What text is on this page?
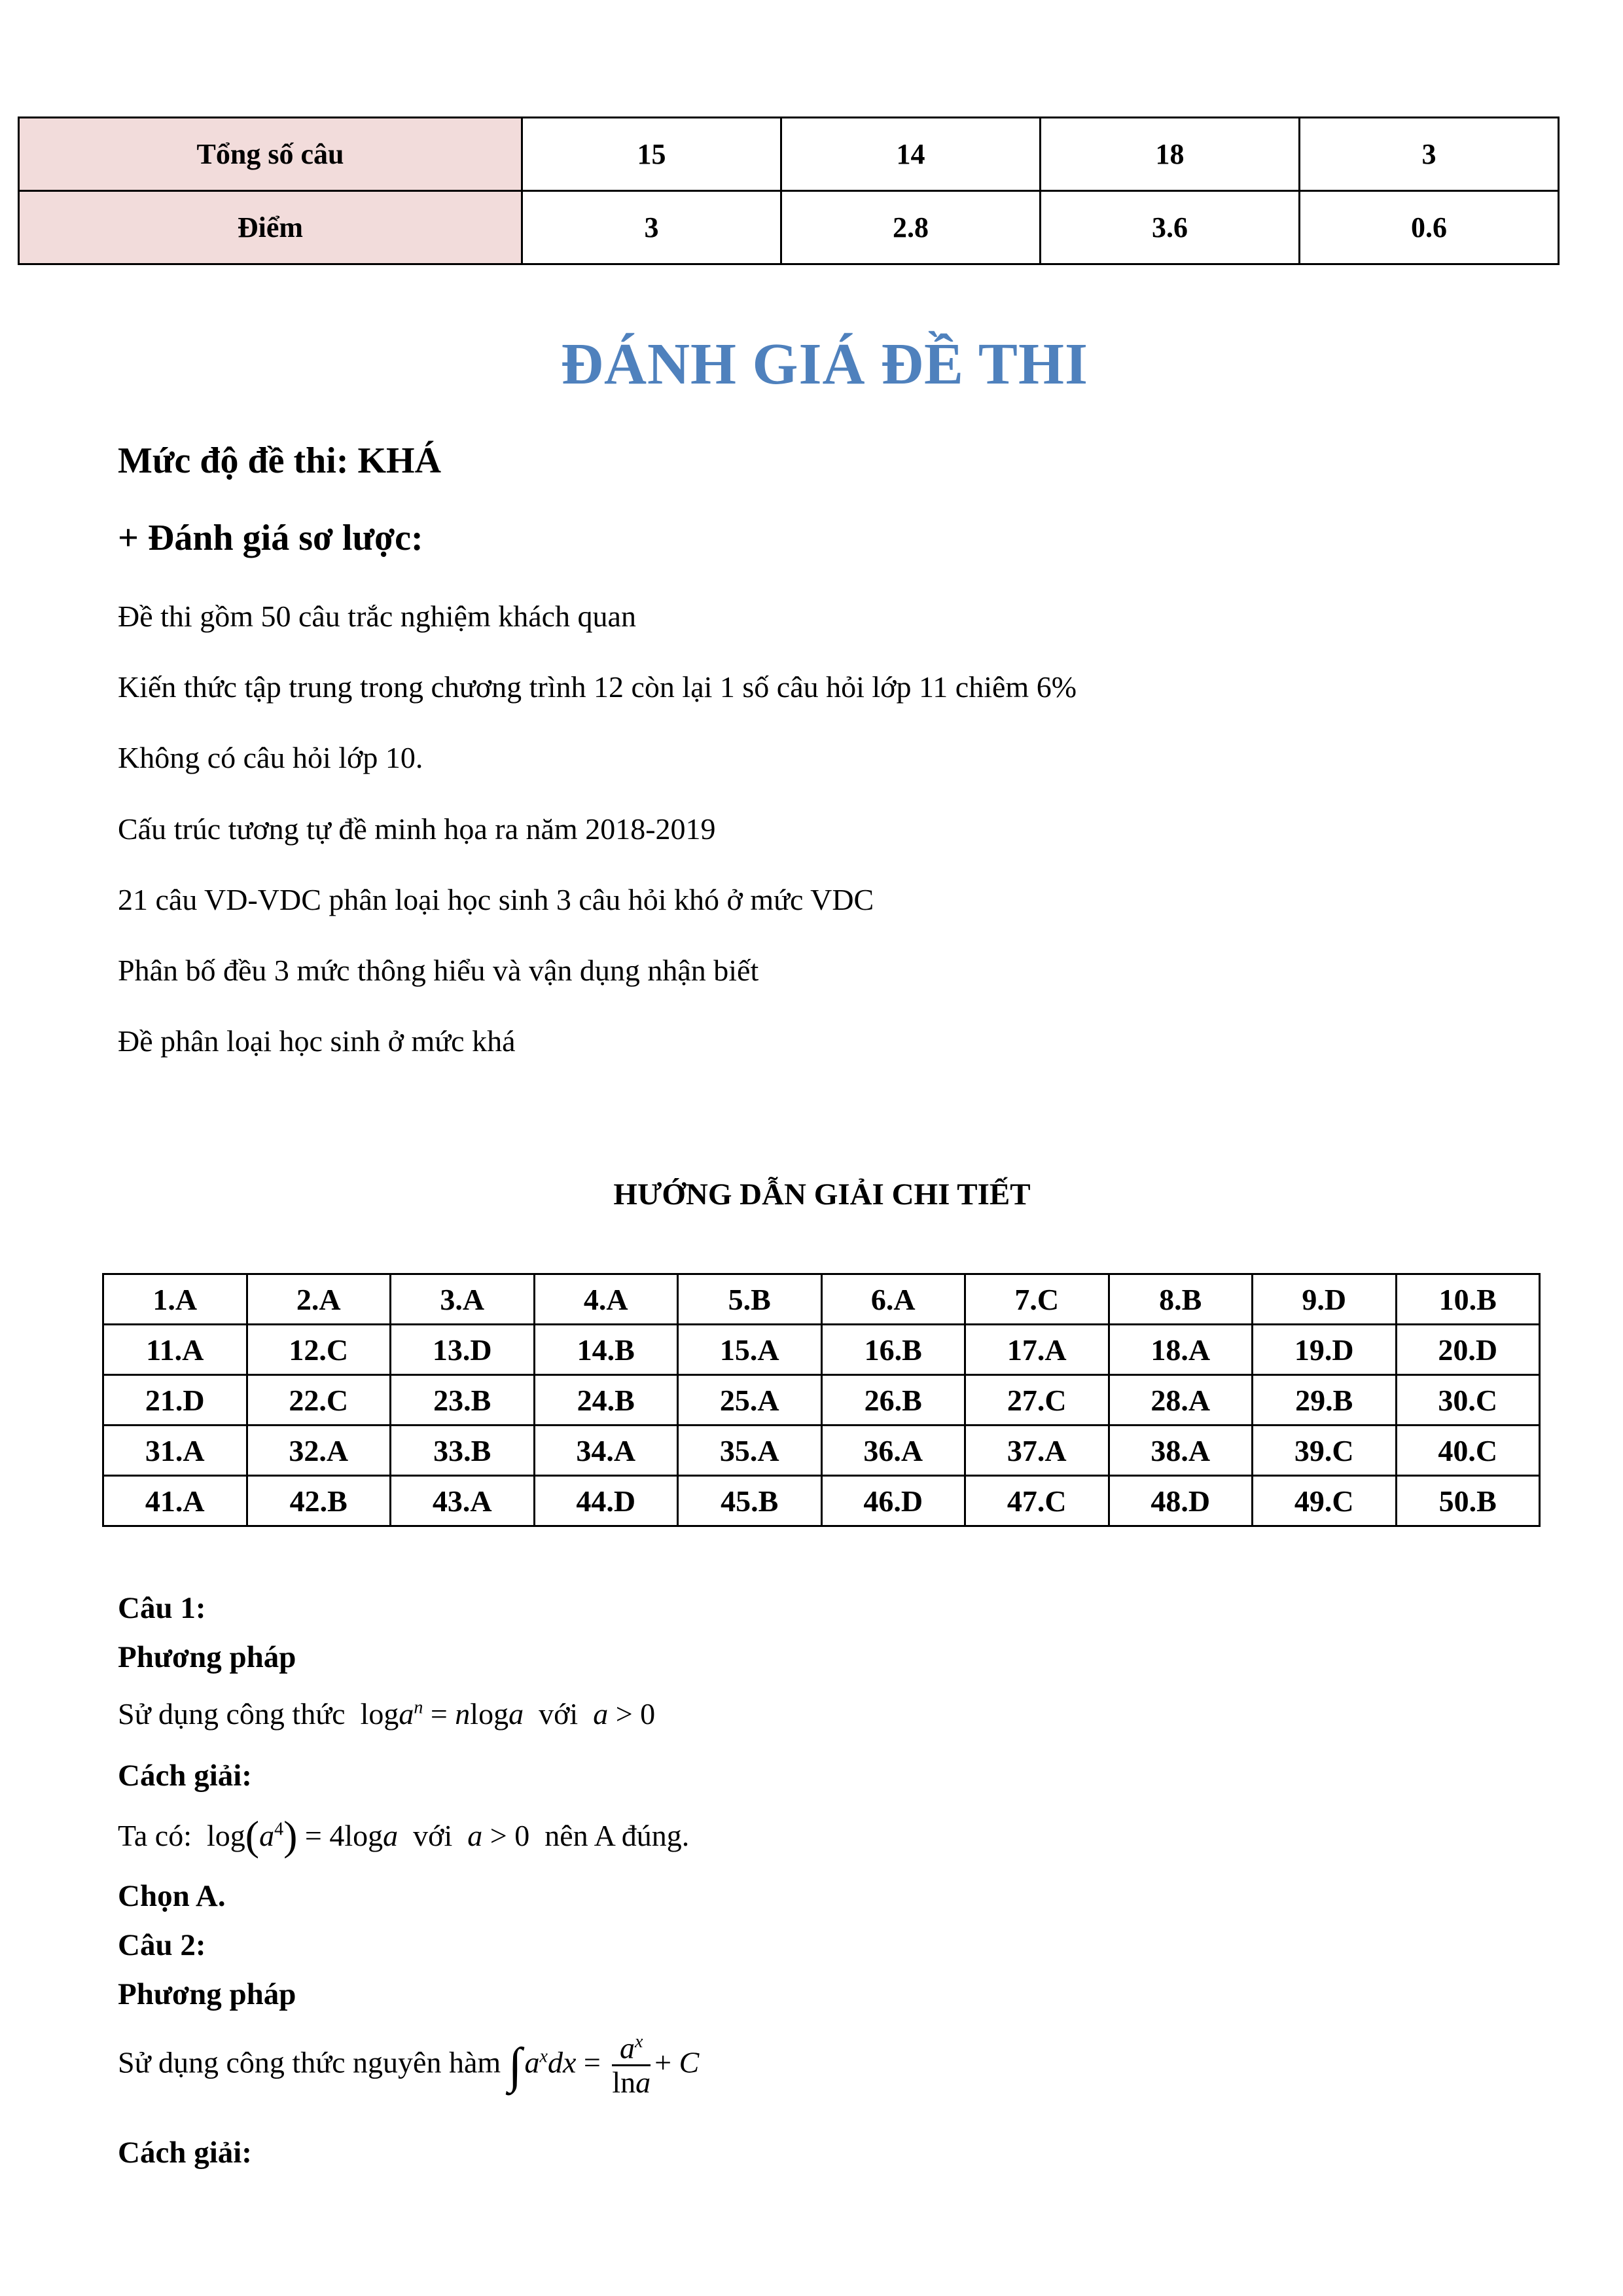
Tổng số câu	15	14	18	3
Điểm	3	2.8	3.6	0.6
ĐÁNH GIÁ ĐỀ THI
Mức độ đề thi: KHÁ
+ Đánh giá sơ lược:
Đề thi gồm 50 câu trắc nghiệm khách quan
Kiến thức tập trung trong chương trình 12 còn lại 1 số câu hỏi lớp 11 chiêm 6%
Không có câu hỏi lớp 10.
Cấu trúc tương tự đề minh họa ra năm 2018-2019
21 câu VD-VDC phân loại học sinh 3 câu hỏi khó ở mức VDC
Phân bố đều 3 mức thông hiểu và vận dụng nhận biết
Đề phân loại học sinh ở mức khá
HƯỚNG DẪN GIẢI CHI TIẾT
1.A	2.A	3.A	4.A	5.B	6.A	7.C	8.B	9.D	10.B
11.A	12.C	13.D	14.B	15.A	16.B	17.A	18.A	19.D	20.D
21.D	22.C	23.B	24.B	25.A	26.B	27.C	28.A	29.B	30.C
31.A	32.A	33.B	34.A	35.A	36.A	37.A	38.A	39.C	40.C
41.A	42.B	43.A	44.D	45.B	46.D	47.C	48.D	49.C	50.B
Câu 1:
Phương pháp
Sử dụng công thức  loga$^n$ = nloga với a > 0
Cách giải:
Ta có:  $\log(a^4) = 4\log a$ với a > 0  nên A đúng.
Chọn A.
Câu 2:
Phương pháp
Sử dụng công thức nguyên hàm $\int a^xdx = \frac{a^x}{\ln a} + C$
Cách giải:
